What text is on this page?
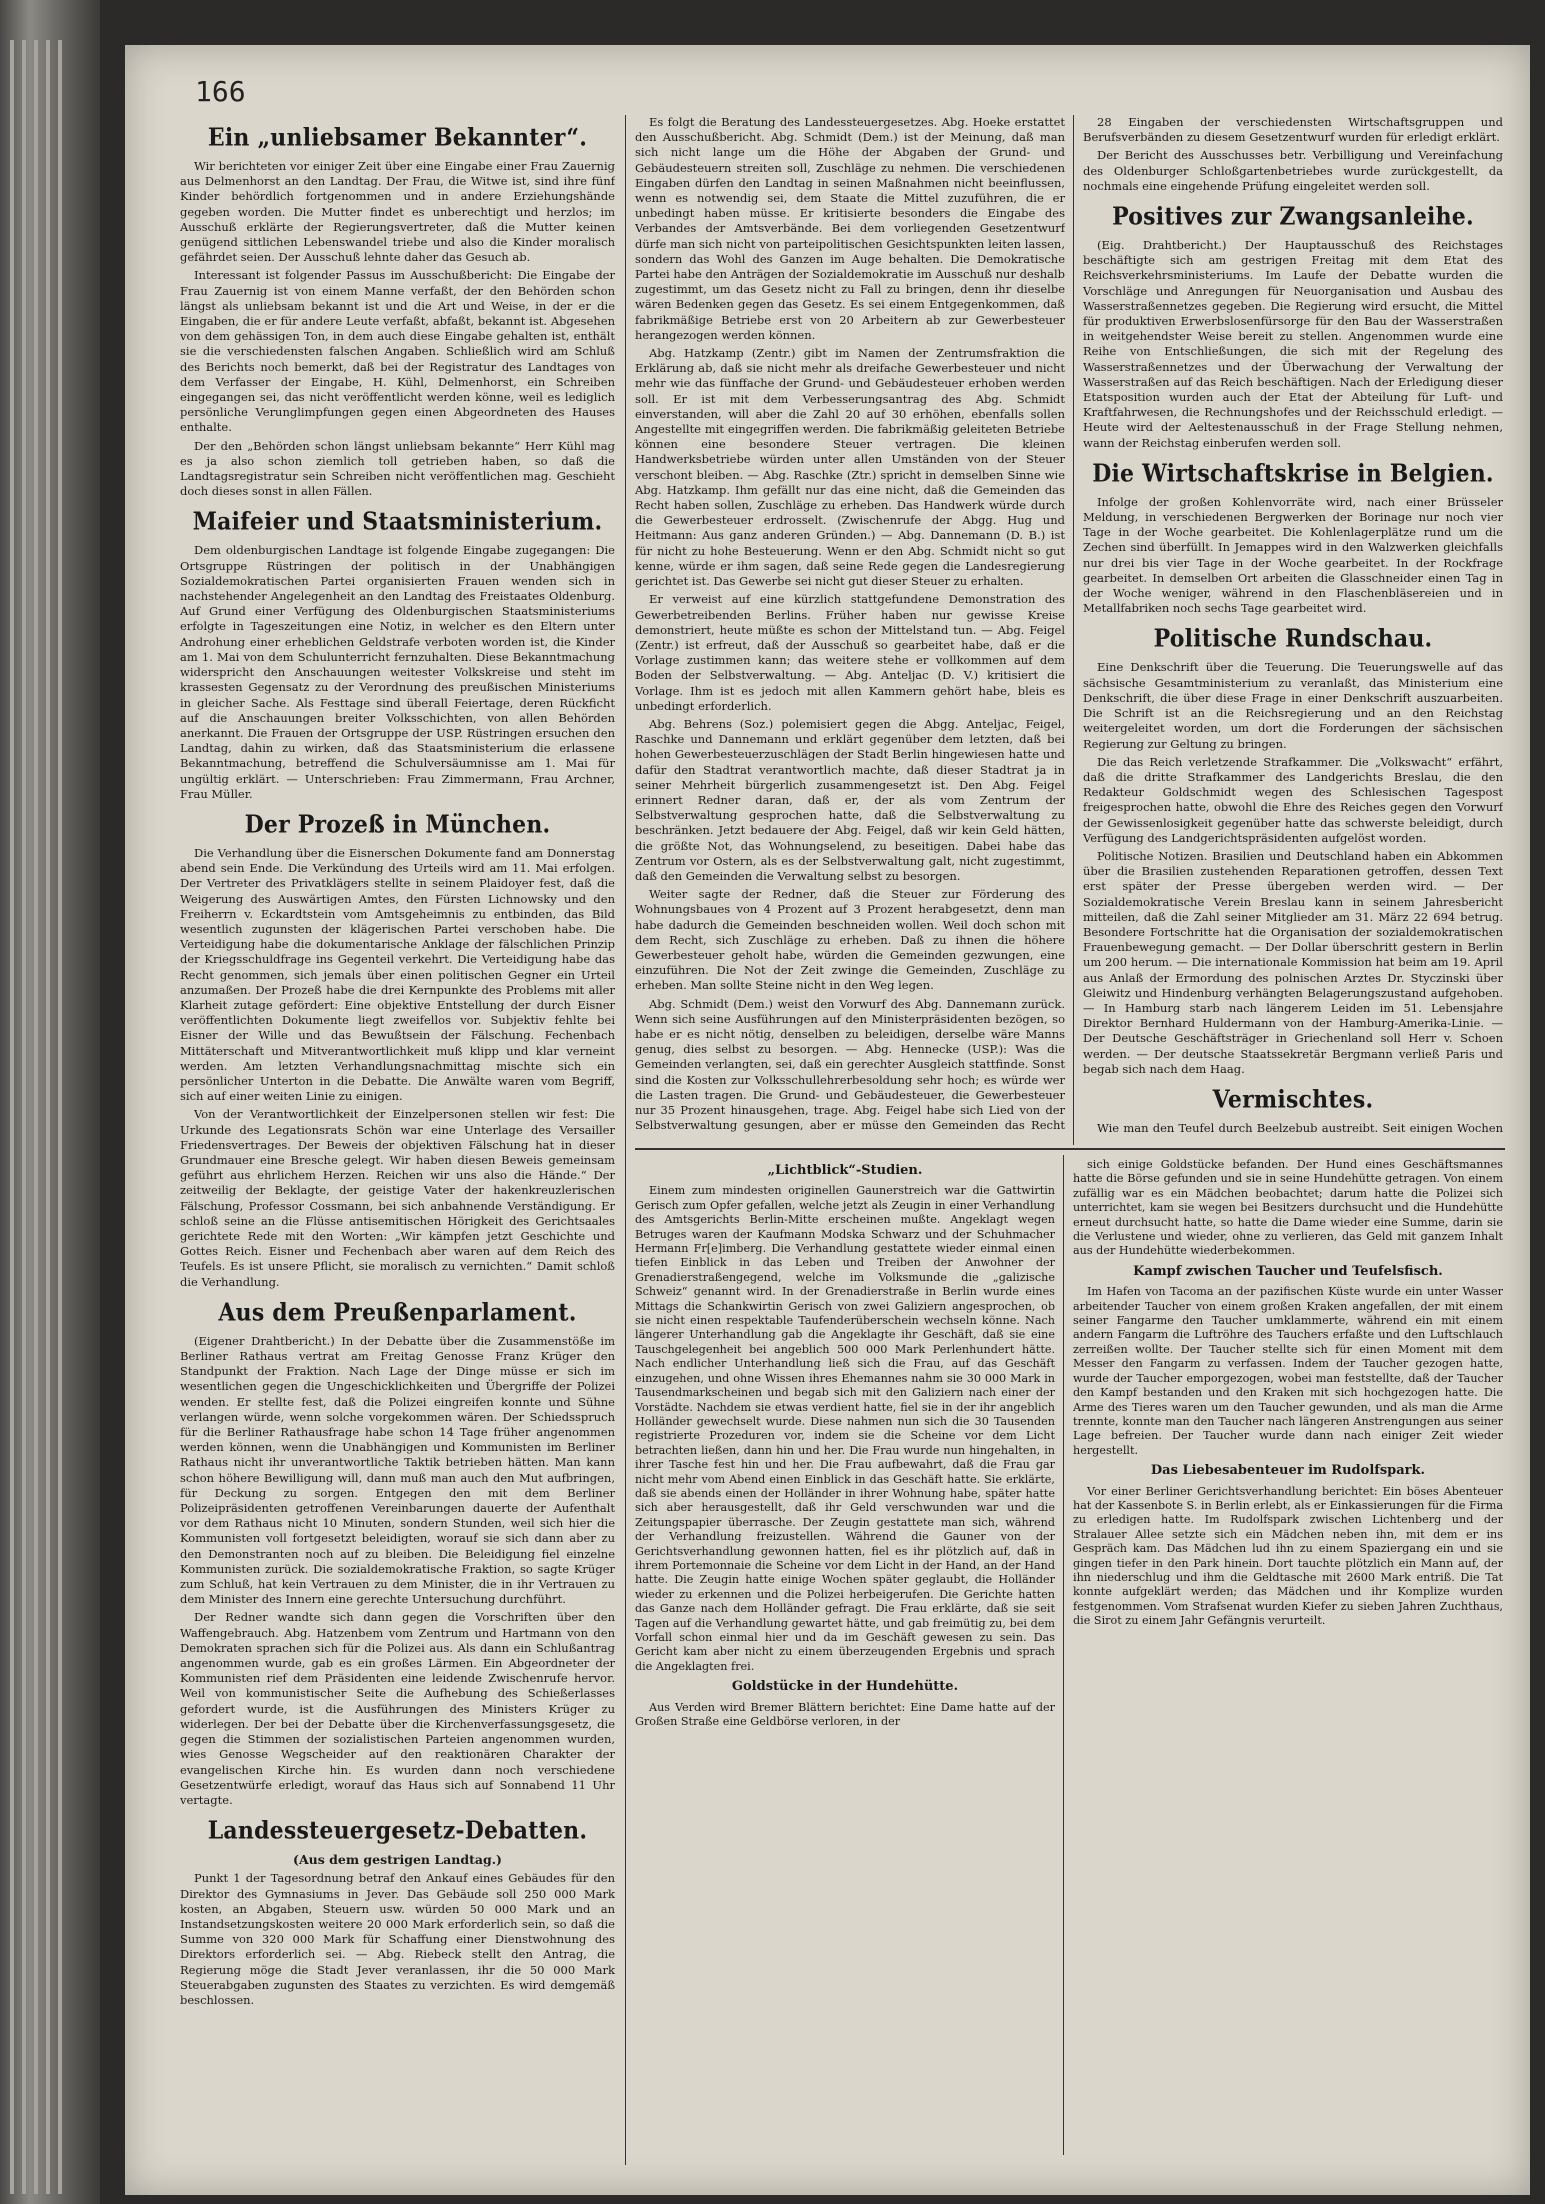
166
Ein „unliebsamer Bekannter“.

Wir berichteten vor einiger Zeit über eine Eingabe einer Frau Zauernig aus Delmenhorst an den Landtag. Der Frau, die Witwe ist, sind ihre fünf Kinder behördlich fortgenommen und in andere Erziehungshände gegeben worden. Die Mutter findet es unberechtigt und herzlos; im Ausschuß erklärte der Regierungsvertreter, daß die Mutter keinen genügend sittlichen Lebenswandel triebe und also die Kinder moralisch gefährdet seien. Der Ausschuß lehnte daher das Gesuch ab.

Interessant ist folgender Passus im Ausschußbericht: Die Eingabe der Frau Zauernig ist von einem Manne verfaßt, der den Behörden schon längst als unliebsam bekannt ist und die Art und Weise, in der er die Eingaben, die er für andere Leute verfaßt, abfaßt, bekannt ist. Abgesehen von dem gehässigen Ton, in dem auch diese Eingabe gehalten ist, enthält sie die verschiedensten falschen Angaben. Schließlich wird am Schluß des Berichts noch bemerkt, daß bei der Registratur des Landtages von dem Verfasser der Eingabe, H. Kühl, Delmenhorst, ein Schreiben eingegangen sei, das nicht veröffentlicht werden könne, weil es lediglich persönliche Verunglimpfungen gegen einen Abgeordneten des Hauses enthalte.

Der den „Behörden schon längst unliebsam bekannte“ Herr Kühl mag es ja also schon ziemlich toll getrieben haben, so daß die Landtagsregistratur sein Schreiben nicht veröffentlichen mag. Geschieht doch dieses sonst in allen Fällen.

Maifeier und Staatsministerium.

Dem oldenburgischen Landtage ist folgende Eingabe zugegangen: Die Ortsgruppe Rüstringen der politisch in der Unabhängigen Sozialdemokratischen Partei organisierten Frauen wenden sich in nachstehender Angelegenheit an den Landtag des Freistaates Oldenburg. Auf Grund einer Verfügung des Oldenburgischen Staatsministeriums erfolgte in Tageszeitungen eine Notiz, in welcher es den Eltern unter Androhung einer erheblichen Geldstrafe verboten worden ist, die Kinder am 1. Mai von dem Schulunterricht fernzuhalten. Diese Bekanntmachung widerspricht den Anschauungen weitester Volkskreise und steht im krassesten Gegensatz zu der Verordnung des preußischen Ministeriums in gleicher Sache. Als Festtage sind überall Feiertage, deren Rückficht auf die Anschauungen breiter Volksschichten, von allen Behörden anerkannt. Die Frauen der Ortsgruppe der USP. Rüstringen ersuchen den Landtag, dahin zu wirken, daß das Staatsministerium die erlassene Bekanntmachung, betreffend die Schulversäumnisse am 1. Mai für ungültig erklärt. — Unterschrieben: Frau Zimmermann, Frau Archner, Frau Müller.

Der Prozeß in München.

Die Verhandlung über die Eisnerschen Dokumente fand am Donnerstag abend sein Ende. Die Verkündung des Urteils wird am 11. Mai erfolgen. Der Vertreter des Privatklägers stellte in seinem Plaidoyer fest, daß die Weigerung des Auswärtigen Amtes, den Fürsten Lichnowsky und den Freiherrn v. Eckardtstein vom Amtsgeheimnis zu entbinden, das Bild wesentlich zugunsten der klägerischen Partei verschoben habe. Die Verteidigung habe die dokumentarische Anklage der fälschlichen Prinzip der Kriegsschuldfrage ins Gegenteil verkehrt. Die Verteidigung habe das Recht genommen, sich jemals über einen politischen Gegner ein Urteil anzumaßen. Der Prozeß habe die drei Kernpunkte des Problems mit aller Klarheit zutage gefördert: Eine objektive Entstellung der durch Eisner veröffentlichten Dokumente liegt zweifellos vor. Subjektiv fehlte bei Eisner der Wille und das Bewußtsein der Fälschung. Fechenbach Mittäterschaft und Mitverantwortlichkeit muß klipp und klar verneint werden. Am letzten Verhandlungsnachmittag mischte sich ein persönlicher Unterton in die Debatte. Die Anwälte waren vom Begriff, sich auf einer weiten Linie zu einigen.

Von der Verantwortlichkeit der Einzelpersonen stellen wir fest: Die Urkunde des Legationsrats Schön war eine Unterlage des Versailler Friedensvertrages. Der Beweis der objektiven Fälschung hat in dieser Grundmauer eine Bresche gelegt. Wir haben diesen Beweis gemeinsam geführt aus ehrlichem Herzen. Reichen wir uns also die Hände.“ Der zeitweilig der Beklagte, der geistige Vater der hakenkreuzlerischen Fälschung, Professor Cossmann, bei sich anbahnende Verständigung. Er schloß seine an die Flüsse antisemitischen Hörigkeit des Gerichtsaales gerichtete Rede mit den Worten: „Wir kämpfen jetzt Geschichte und Gottes Reich. Eisner und Fechenbach aber waren auf dem Reich des Teufels. Es ist unsere Pflicht, sie moralisch zu vernichten.“ Damit schloß die Verhandlung.

Aus dem Preußenparlament.

(Eigener Drahtbericht.) In der Debatte über die Zusammenstöße im Berliner Rathaus vertrat am Freitag Genosse Franz Krüger den Standpunkt der Fraktion. Nach Lage der Dinge müsse er sich im wesentlichen gegen die Ungeschicklichkeiten und Übergriffe der Polizei wenden. Er stellte fest, daß die Polizei eingreifen konnte und Sühne verlangen würde, wenn solche vorgekommen wären. Der Schiedsspruch für die Berliner Rathausfrage habe schon 14 Tage früher angenommen werden können, wenn die Unabhängigen und Kommunisten im Berliner Rathaus nicht ihr unverantwortliche Taktik betrieben hätten. Man kann schon höhere Bewilligung will, dann muß man auch den Mut aufbringen, für Deckung zu sorgen. Entgegen den mit dem Berliner Polizeipräsidenten getroffenen Vereinbarungen dauerte der Aufenthalt vor dem Rathaus nicht 10 Minuten, sondern Stunden, weil sich hier die Kommunisten voll fortgesetzt beleidigten, worauf sie sich dann aber zu den Demonstranten noch auf zu bleiben. Die Beleidigung fiel einzelne Kommunisten zurück. Die sozialdemokratische Fraktion, so sagte Krüger zum Schluß, hat kein Vertrauen zu dem Minister, die in ihr Vertrauen zu dem Minister des Innern eine gerechte Untersuchung durchführt.

Der Redner wandte sich dann gegen die Vorschriften über den Waffengebrauch. Abg. Hatzenbem vom Zentrum und Hartmann von den Demokraten sprachen sich für die Polizei aus. Als dann ein Schlußantrag angenommen wurde, gab es ein großes Lärmen. Ein Abgeordneter der Kommunisten rief dem Präsidenten eine leidende Zwischenrufe hervor. Weil von kommunistischer Seite die Aufhebung des Schießerlasses gefordert wurde, ist die Ausführungen des Ministers Krüger zu widerlegen. Der bei der Debatte über die Kirchenverfassungsgesetz, die gegen die Stimmen der sozialistischen Parteien angenommen wurden, wies Genosse Wegscheider auf den reaktionären Charakter der evangelischen Kirche hin. Es wurden dann noch verschiedene Gesetzentwürfe erledigt, worauf das Haus sich auf Sonnabend 11 Uhr vertagte.

Landessteuergesetz-Debatten.
(Aus dem gestrigen Landtag.)

Punkt 1 der Tagesordnung betraf den Ankauf eines Gebäudes für den Direktor des Gymnasiums in Jever. Das Gebäude soll 250 000 Mark kosten, an Abgaben, Steuern usw. würden 50 000 Mark und an Instandsetzungskosten weitere 20 000 Mark erforderlich sein, so daß die Summe von 320 000 Mark für Schaffung einer Dienstwohnung des Direktors erforderlich sei. — Abg. Riebeck stellt den Antrag, die Regierung möge die Stadt Jever veranlassen, ihr die 50 000 Mark Steuerabgaben zugunsten des Staates zu verzichten. Es wird demgemäß beschlossen.

Es folgt die Beratung des Landessteuergesetzes. Abg. Hoeke erstattet den Ausschußbericht. Abg. Schmidt (Dem.) ist der Meinung, daß man sich nicht lange um die Höhe der Abgaben der Grund- und Gebäudesteuern streiten soll, Zuschläge zu nehmen. Die verschiedenen Eingaben dürfen den Landtag in seinen Maßnahmen nicht beeinflussen, wenn es notwendig sei, dem Staate die Mittel zuzuführen, die er unbedingt haben müsse. Er kritisierte besonders die Eingabe des Verbandes der Amtsverbände. Bei dem vorliegenden Gesetzentwurf dürfe man sich nicht von parteipolitischen Gesichtspunkten leiten lassen, sondern das Wohl des Ganzen im Auge behalten. Die Demokratische Partei habe den Anträgen der Sozialdemokratie im Ausschuß nur deshalb zugestimmt, um das Gesetz nicht zu Fall zu bringen, denn ihr dieselbe wären Bedenken gegen das Gesetz. Es sei einem Entgegenkommen, daß fabrikmäßige Betriebe erst von 20 Arbeitern ab zur Gewerbesteuer herangezogen werden können.

Abg. Hatzkamp (Zentr.) gibt im Namen der Zentrumsfraktion die Erklärung ab, daß sie nicht mehr als dreifache Gewerbesteuer und nicht mehr wie das fünffache der Grund- und Gebäudesteuer erhoben werden soll. Er ist mit dem Verbesserungsantrag des Abg. Schmidt einverstanden, will aber die Zahl 20 auf 30 erhöhen, ebenfalls sollen Angestellte mit eingegriffen werden. Die fabrikmäßig geleiteten Betriebe können eine besondere Steuer vertragen. Die kleinen Handwerksbetriebe würden unter allen Umständen von der Steuer verschont bleiben. — Abg. Raschke (Ztr.) spricht in demselben Sinne wie Abg. Hatzkamp. Ihm gefällt nur das eine nicht, daß die Gemeinden das Recht haben sollen, Zuschläge zu erheben. Das Handwerk würde durch die Gewerbesteuer erdrosselt. (Zwischenrufe der Abgg. Hug und Heitmann: Aus ganz anderen Gründen.) — Abg. Dannemann (D. B.) ist für nicht zu hohe Besteuerung. Wenn er den Abg. Schmidt nicht so gut kenne, würde er ihm sagen, daß seine Rede gegen die Landesregierung gerichtet ist. Das Gewerbe sei nicht gut dieser Steuer zu erhalten.

Er verweist auf eine kürzlich stattgefundene Demonstration des Gewerbetreibenden Berlins. Früher haben nur gewisse Kreise demonstriert, heute müßte es schon der Mittelstand tun. — Abg. Feigel (Zentr.) ist erfreut, daß der Ausschuß so gearbeitet habe, daß er die Vorlage zustimmen kann; das weitere stehe er vollkommen auf dem Boden der Selbstverwaltung. — Abg. Anteljac (D. V.) kritisiert die Vorlage. Ihm ist es jedoch mit allen Kammern gehört habe, bleis es unbedingt erforderlich.

Abg. Behrens (Soz.) polemisiert gegen die Abgg. Anteljac, Feigel, Raschke und Dannemann und erklärt gegenüber dem letzten, daß bei hohen Gewerbesteuerzuschlägen der Stadt Berlin hingewiesen hatte und dafür den Stadtrat verantwortlich machte, daß dieser Stadtrat ja in seiner Mehrheit bürgerlich zusammengesetzt ist. Den Abg. Feigel erinnert Redner daran, daß er, der als vom Zentrum der Selbstverwaltung gesprochen hatte, daß die Selbstverwaltung zu beschränken. Jetzt bedauere der Abg. Feigel, daß wir kein Geld hätten, die größte Not, das Wohnungselend, zu beseitigen. Dabei habe das Zentrum vor Ostern, als es der Selbstverwaltung galt, nicht zugestimmt, daß den Gemeinden die Verwaltung selbst zu besorgen.

Weiter sagte der Redner, daß die Steuer zur Förderung des Wohnungsbaues von 4 Prozent auf 3 Prozent herabgesetzt, denn man habe dadurch die Gemeinden beschneiden wollen. Weil doch schon mit dem Recht, sich Zuschläge zu erheben. Daß zu ihnen die höhere Gewerbesteuer geholt habe, würden die Gemeinden gezwungen, eine einzuführen. Die Not der Zeit zwinge die Gemeinden, Zuschläge zu erheben. Man sollte Steine nicht in den Weg legen.

Abg. Schmidt (Dem.) weist den Vorwurf des Abg. Dannemann zurück. Wenn sich seine Ausführungen auf den Ministerpräsidenten bezögen, so habe er es nicht nötig, denselben zu beleidigen, derselbe wäre Manns genug, dies selbst zu besorgen. — Abg. Hennecke (USP.): Was die Gemeinden verlangten, sei, daß ein gerechter Ausgleich stattfinde. Sonst sind die Kosten zur Volksschullehrerbesoldung sehr hoch; es würde wer die Lasten tragen. Die Grund- und Gebäudesteuer, die Gewerbesteuer nur 35 Prozent hinausgehen, trage. Abg. Feigel habe sich Lied von der Selbstverwaltung gesungen, aber er müsse den Gemeinden das Recht

28 Eingaben der verschiedensten Wirtschaftsgruppen und Berufsverbänden zu diesem Gesetzentwurf wurden für erledigt erklärt.

Der Bericht des Ausschusses betr. Verbilligung und Vereinfachung des Oldenburger Schloßgartenbetriebes wurde zurückgestellt, da nochmals eine eingehende Prüfung eingeleitet werden soll.

Positives zur Zwangsanleihe.

(Eig. Drahtbericht.) Der Hauptausschuß des Reichstages beschäftigte sich am gestrigen Freitag mit dem Etat des Reichsverkehrsministeriums. Im Laufe der Debatte wurden die Vorschläge und Anregungen für Neuorganisation und Ausbau des Wasserstraßennetzes gegeben. Die Regierung wird ersucht, die Mittel für produktiven Erwerbslosenfürsorge für den Bau der Wasserstraßen in weitgehendster Weise bereit zu stellen. Angenommen wurde eine Reihe von Entschließungen, die sich mit der Regelung des Wasserstraßennetzes und der Überwachung der Verwaltung der Wasserstraßen auf das Reich beschäftigen. Nach der Erledigung dieser Etatsposition wurden auch der Etat der Abteilung für Luft- und Kraftfahrwesen, die Rechnungshofes und der Reichsschuld erledigt. — Heute wird der Aeltestenausschuß in der Frage Stellung nehmen, wann der Reichstag einberufen werden soll.

Die Wirtschaftskrise in Belgien.

Infolge der großen Kohlenvorräte wird, nach einer Brüsseler Meldung, in verschiedenen Bergwerken der Borinage nur noch vier Tage in der Woche gearbeitet. Die Kohlenlagerplätze rund um die Zechen sind überfüllt. In Jemappes wird in den Walzwerken gleichfalls nur drei bis vier Tage in der Woche gearbeitet. In der Rockfrage gearbeitet. In demselben Ort arbeiten die Glasschneider einen Tag in der Woche weniger, während in den Flaschenbläsereien und in Metallfabriken noch sechs Tage gearbeitet wird.

Politische Rundschau.

Eine Denkschrift über die Teuerung. Die Teuerungswelle auf das sächsische Gesamtministerium zu veranlaßt, das Ministerium eine Denkschrift, die über diese Frage in einer Denkschrift auszuarbeiten. Die Schrift ist an die Reichsregierung und an den Reichstag weitergeleitet worden, um dort die Forderungen der sächsischen Regierung zur Geltung zu bringen.

Die das Reich verletzende Strafkammer. Die „Volkswacht“ erfährt, daß die dritte Strafkammer des Landgerichts Breslau, die den Redakteur Goldschmidt wegen des Schlesischen Tagespost freigesprochen hatte, obwohl die Ehre des Reiches gegen den Vorwurf der Gewissenlosigkeit gegenüber hatte das schwerste beleidigt, durch Verfügung des Landgerichtspräsidenten aufgelöst worden.

Politische Notizen. Brasilien und Deutschland haben ein Abkommen über die Brasilien zustehenden Reparationen getroffen, dessen Text erst später der Presse übergeben werden wird. — Der Sozialdemokratische Verein Breslau kann in seinem Jahresbericht mitteilen, daß die Zahl seiner Mitglieder am 31. März 22 694 betrug. Besondere Fortschritte hat die Organisation der sozialdemokratischen Frauenbewegung gemacht. — Der Dollar überschritt gestern in Berlin um 200 herum. — Die internationale Kommission hat beim am 19. April aus Anlaß der Ermordung des polnischen Arztes Dr. Styczinski über Gleiwitz und Hindenburg verhängten Belagerungszustand aufgehoben. — In Hamburg starb nach längerem Leiden im 51. Lebensjahre Direktor Bernhard Huldermann von der Hamburg-Amerika-Linie. — Der Deutsche Geschäftsträger in Griechenland soll Herr v. Schoen werden. — Der deutsche Staatssekretär Bergmann verließ Paris und begab sich nach dem Haag.

Vermischtes.

Wie man den Teufel durch Beelzebub austreibt. Seit einigen Wochen

„Lichtblick“-Studien.

Einem zum mindesten originellen Gaunerstreich war die Gattwirtin Gerisch zum Opfer gefallen, welche jetzt als Zeugin in einer Verhandlung des Amtsgerichts Berlin-Mitte erscheinen mußte. Angeklagt wegen Betruges waren der Kaufmann Modska Schwarz und der Schuhmacher Hermann Fr[e]imberg. Die Verhandlung gestattete wieder einmal einen tiefen Einblick in das Leben und Treiben der Anwohner der Grenadierstraßengegend, welche im Volksmunde die „galizische Schweiz“ genannt wird. In der Grenadierstraße in Berlin wurde eines Mittags die Schankwirtin Gerisch von zwei Galiziern angesprochen, ob sie nicht einen respektable Taufenderüberschein wechseln könne. Nach längerer Unterhandlung gab die Angeklagte ihr Geschäft, daß sie eine Tauschgelegenheit bei angeblich 500 000 Mark Perlenhundert hätte. Nach endlicher Unterhandlung ließ sich die Frau, auf das Geschäft einzugehen, und ohne Wissen ihres Ehemannes nahm sie 30 000 Mark in Tausendmarkscheinen und begab sich mit den Galiziern nach einer der Vorstädte. Nachdem sie etwas verdient hatte, fiel sie in der ihr angeblich Holländer gewechselt wurde. Diese nahmen nun sich die 30 Tausenden registrierte Prozeduren vor, indem sie die Scheine vor dem Licht betrachten ließen, dann hin und her. Die Frau wurde nun hingehalten, in ihrer Tasche fest hin und her. Die Frau aufbewahrt, daß die Frau gar nicht mehr vom Abend einen Einblick in das Geschäft hatte. Sie erklärte, daß sie abends einen der Holländer in ihrer Wohnung habe, später hatte sich aber herausgestellt, daß ihr Geld verschwunden war und die Zeitungspapier überrasche. Der Zeugin gestattete man sich, während der Verhandlung freizustellen. Während die Gauner von der Gerichtsverhandlung gewonnen hatten, fiel es ihr plötzlich auf, daß in ihrem Portemonnaie die Scheine vor dem Licht in der Hand, an der Hand hatte. Die Zeugin hatte einige Wochen später geglaubt, die Holländer wieder zu erkennen und die Polizei herbeigerufen. Die Gerichte hatten das Ganze nach dem Holländer gefragt. Die Frau erklärte, daß sie seit Tagen auf die Verhandlung gewartet hätte, und gab freimütig zu, bei dem Vorfall schon einmal hier und da im Geschäft gewesen zu sein. Das Gericht kam aber nicht zu einem überzeugenden Ergebnis und sprach die Angeklagten frei.

Goldstücke in der Hundehütte.

Aus Verden wird Bremer Blättern berichtet: Eine Dame hatte auf der Großen Straße eine Geldbörse verloren, in der

sich einige Goldstücke befanden. Der Hund eines Geschäftsmannes hatte die Börse gefunden und sie in seine Hundehütte getragen. Von einem zufällig war es ein Mädchen beobachtet; darum hatte die Polizei sich unterrichtet, kam sie wegen bei Besitzers durchsucht und die Hundehütte erneut durchsucht hatte, so hatte die Dame wieder eine Summe, darin sie die Verlustene und wieder, ohne zu verlieren, das Geld mit ganzem Inhalt aus der Hundehütte wiederbekommen.

Kampf zwischen Taucher und Teufelsfisch.

Im Hafen von Tacoma an der pazifischen Küste wurde ein unter Wasser arbeitender Taucher von einem großen Kraken angefallen, der mit einem seiner Fangarme den Taucher umklammerte, während ein mit einem andern Fangarm die Luftröhre des Tauchers erfaßte und den Luftschlauch zerreißen wollte. Der Taucher stellte sich für einen Moment mit dem Messer den Fangarm zu verfassen. Indem der Taucher gezogen hatte, wurde der Taucher emporgezogen, wobei man feststellte, daß der Taucher den Kampf bestanden und den Kraken mit sich hochgezogen hatte. Die Arme des Tieres waren um den Taucher gewunden, und als man die Arme trennte, konnte man den Taucher nach längeren Anstrengungen aus seiner Lage befreien. Der Taucher wurde dann nach einiger Zeit wieder hergestellt.

Das Liebesabenteuer im Rudolfspark.

Vor einer Berliner Gerichtsverhandlung berichtet: Ein böses Abenteuer hat der Kassenbote S. in Berlin erlebt, als er Einkassierungen für die Firma zu erledigen hatte. Im Rudolfspark zwischen Lichtenberg und der Stralauer Allee setzte sich ein Mädchen neben ihn, mit dem er ins Gespräch kam. Das Mädchen lud ihn zu einem Spaziergang ein und sie gingen tiefer in den Park hinein. Dort tauchte plötzlich ein Mann auf, der ihn niederschlug und ihm die Geldtasche mit 2600 Mark entriß. Die Tat konnte aufgeklärt werden; das Mädchen und ihr Komplize wurden festgenommen. Vom Strafsenat wurden Kiefer zu sieben Jahren Zuchthaus, die Sirot zu einem Jahr Gefängnis verurteilt.
